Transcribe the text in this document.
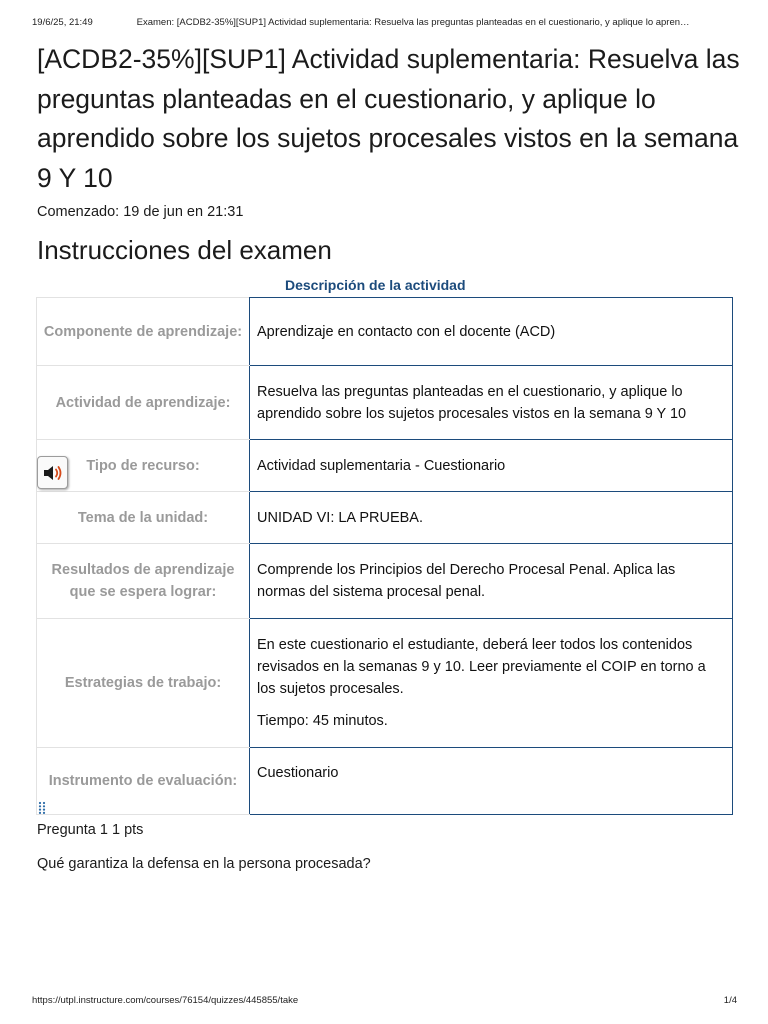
19/6/25, 21:49	Examen: [ACDB2-35%][SUP1] Actividad suplementaria: Resuelva las preguntas planteadas en el cuestionario, y aplique lo apren…
[ACDB2-35%][SUP1] Actividad suplementaria: Resuelva las preguntas planteadas en el cuestionario, y aplique lo aprendido sobre los sujetos procesales vistos en la semana 9 Y 10
Comenzado: 19 de jun en 21:31
Instrucciones del examen
Descripción de la actividad
Componente de aprendizaje:	Aprendizaje en contacto con el docente (ACD)

Actividad de aprendizaje:	Resuelva las preguntas planteadas en el cuestionario, y aplique lo aprendido sobre los sujetos procesales vistos en la semana 9 Y 10

Tipo de recurso:	Actividad suplementaria - Cuestionario

Tema de la unidad:	UNIDAD VI: LA PRUEBA.

Resultados de aprendizaje que se espera lograr:	Comprende los Principios del Derecho Procesal Penal. Aplica las normas del sistema procesal penal.

Estrategias de trabajo:	En este cuestionario el estudiante, deberá leer todos los contenidos revisados en la semanas 9 y 10. Leer previamente el COIP en torno a los sujetos procesales.

Tiempo: 45 minutos.

Instrumento de evaluación:	Cuestionario

Pregunta 1 1 pts
Qué garantiza la defensa en la persona procesada?
https://utpl.instructure.com/courses/76154/quizzes/445855/take	1/4
